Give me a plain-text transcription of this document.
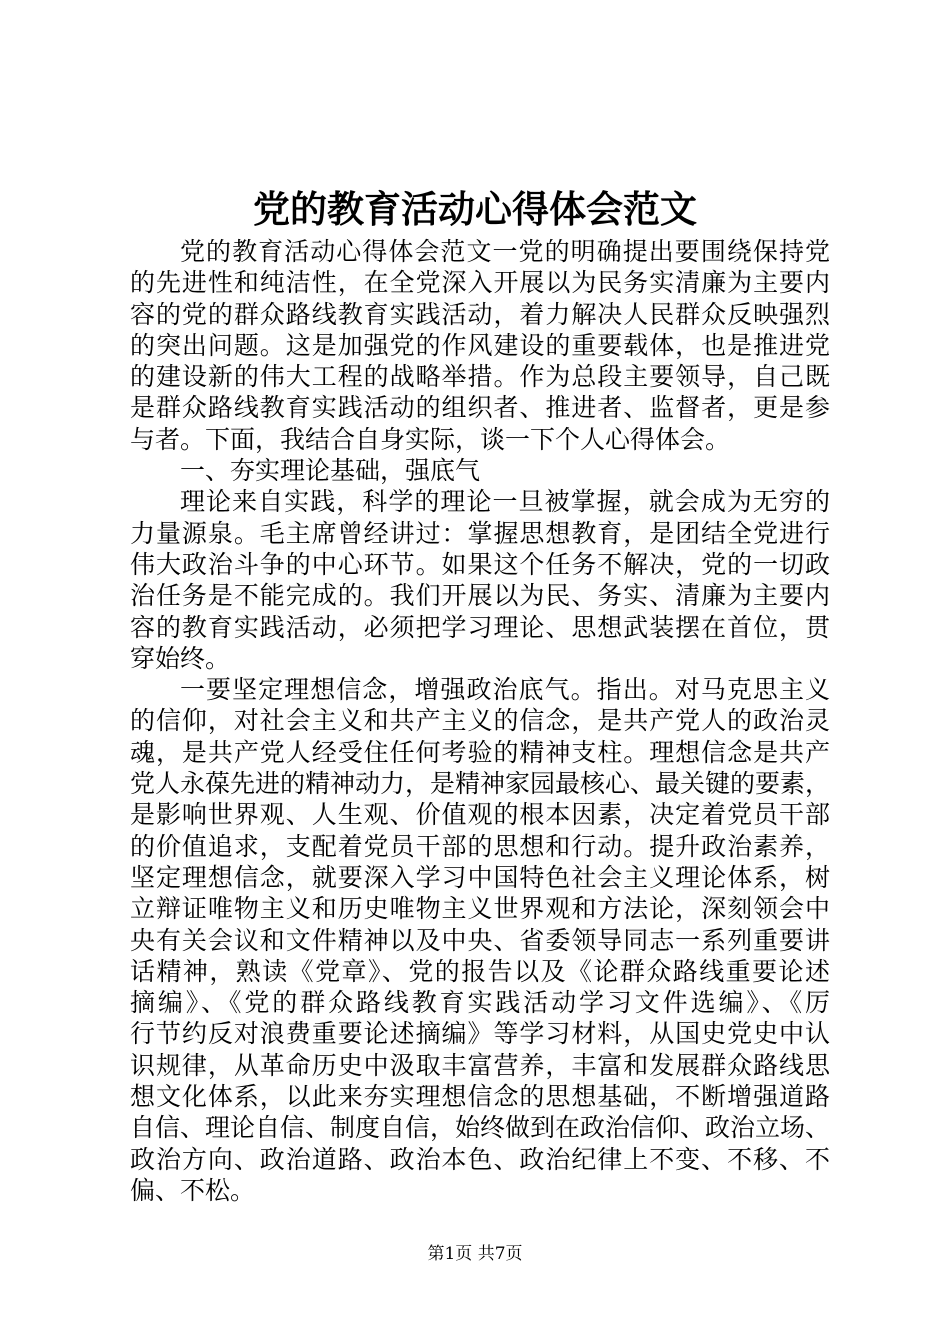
党的教育活动心得体会范文
党的教育活动心得体会范文一党的明确提出要围绕保持党
的先进性和纯洁性，在全党深入开展以为民务实清廉为主要内
容的党的群众路线教育实践活动，着力解决人民群众反映强烈
的突出问题。这是加强党的作风建设的重要载体，也是推进党
的建设新的伟大工程的战略举措。作为总段主要领导，自己既
是群众路线教育实践活动的组织者、推进者、监督者，更是参
与者。下面，我结合自身实际，谈一下个人心得体会。
一、夯实理论基础，强底气
理论来自实践，科学的理论一旦被掌握，就会成为无穷的
力量源泉。毛主席曾经讲过：掌握思想教育，是团结全党进行
伟大政治斗争的中心环节。如果这个任务不解决，党的一切政
治任务是不能完成的。我们开展以为民、务实、清廉为主要内
容的教育实践活动，必须把学习理论、思想武装摆在首位，贯
穿始终。
一要坚定理想信念，增强政治底气。指出。对马克思主义
的信仰，对社会主义和共产主义的信念，是共产党人的政治灵
魂，是共产党人经受住任何考验的精神支柱。理想信念是共产
党人永葆先进的精神动力，是精神家园最核心、最关键的要素，
是影响世界观、人生观、价值观的根本因素，决定着党员干部
的价值追求，支配着党员干部的思想和行动。提升政治素养，
坚定理想信念，就要深入学习中国特色社会主义理论体系，树
立辩证唯物主义和历史唯物主义世界观和方法论，深刻领会中
央有关会议和文件精神以及中央、省委领导同志一系列重要讲
话精神，熟读《党章》、党的报告以及《论群众路线重要论述
摘编》、《党的群众路线教育实践活动学习文件选编》、《厉
行节约反对浪费重要论述摘编》等学习材料，从国史党史中认
识规律，从革命历史中汲取丰富营养，丰富和发展群众路线思
想文化体系，以此来夯实理想信念的思想基础，不断增强道路
自信、理论自信、制度自信，始终做到在政治信仰、政治立场、
政治方向、政治道路、政治本色、政治纪律上不变、不移、不
偏、不松。
第1页 共7页
